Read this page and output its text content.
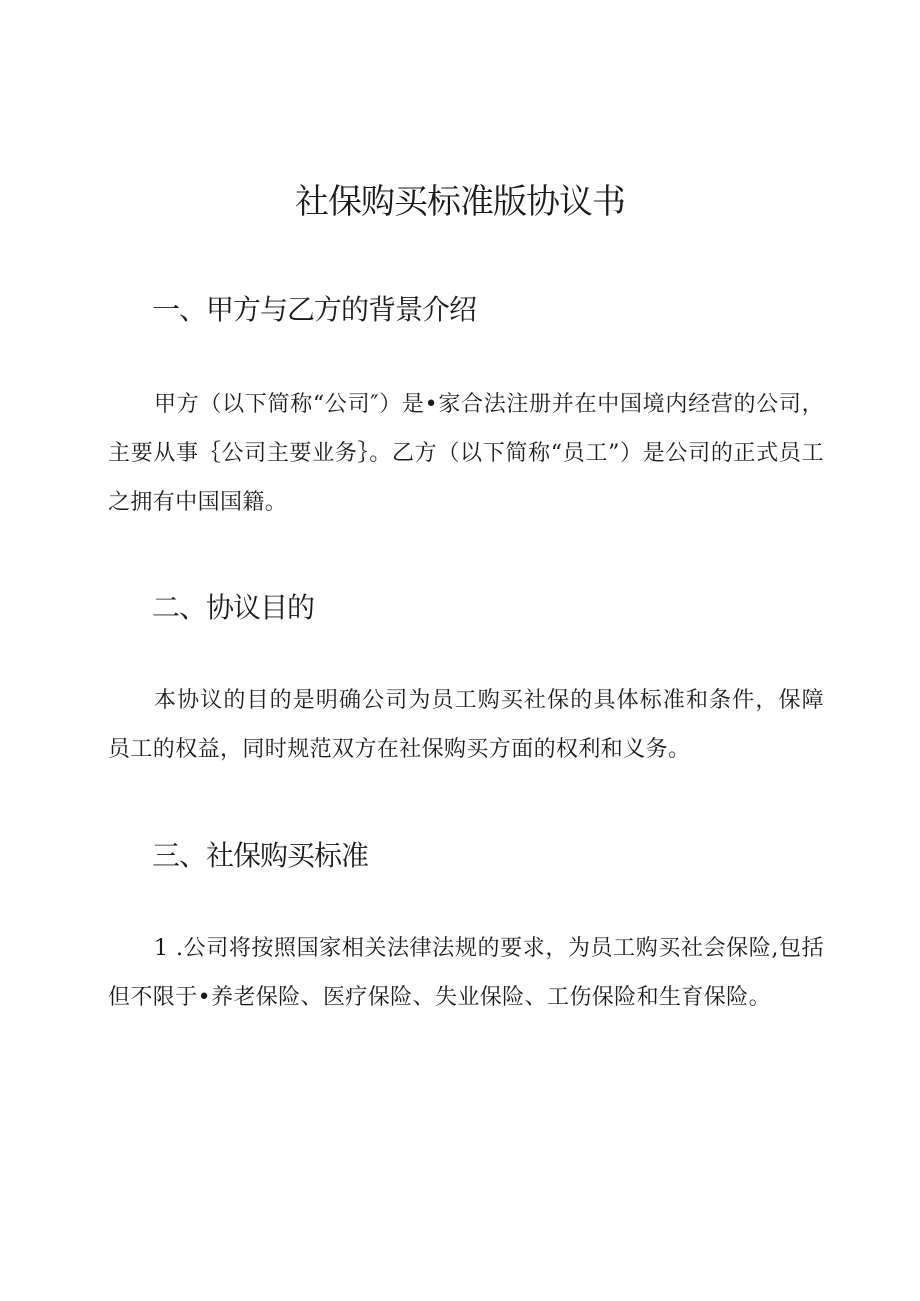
社保购买标准版协议书
一、甲方与乙方的背景介绍

甲方（以下简称“公司″）是•家合法注册并在中国境内经营的公司，主要从事｛公司主要业务｝。乙方（以下简称“员工”）是公司的正式员工之拥有中国国籍。

二、协议目的

本协议的目的是明确公司为员工购买社保的具体标准和条件，保障员工的权益，同时规范双方在社保购买方面的权利和义务。

三、社保购买标准

1 .公司将按照国家相关法律法规的要求，为员工购买社会保险,包括但不限于•养老保险、医疗保险、失业保险、工伤保险和生育保险。
